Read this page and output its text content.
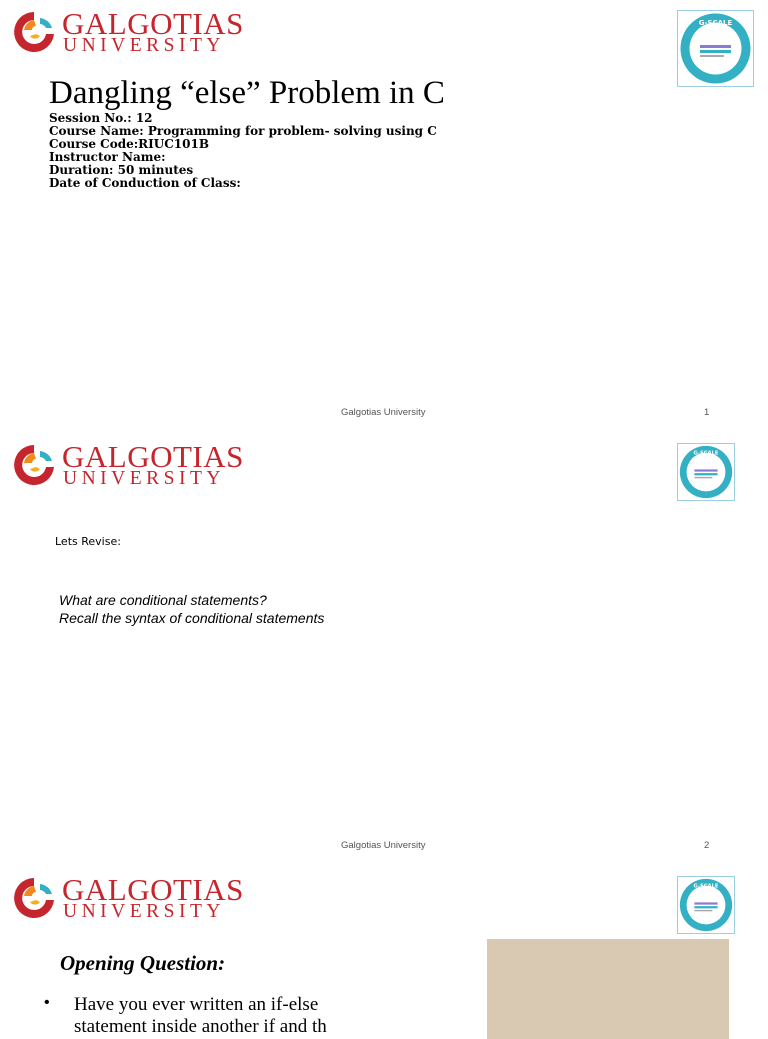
GALGOTIAS
UNIVERSITY
G-SCALE
Dangling “else” Problem in C
Session No.: 12
Course Name: Programming for problem- solving using C
Course Code:RIUC101B
Instructor Name:
Duration: 50 minutes
Date of Conduction of Class:
Galgotias University	1
GALGOTIAS
UNIVERSITY
G-SCALE
Lets Revise:
What are conditional statements?
Recall the syntax of conditional statements
Galgotias University	2
GALGOTIAS
UNIVERSITY
G-SCALE
Opening Question:
• Have you ever written an if-else statement inside another if and th
